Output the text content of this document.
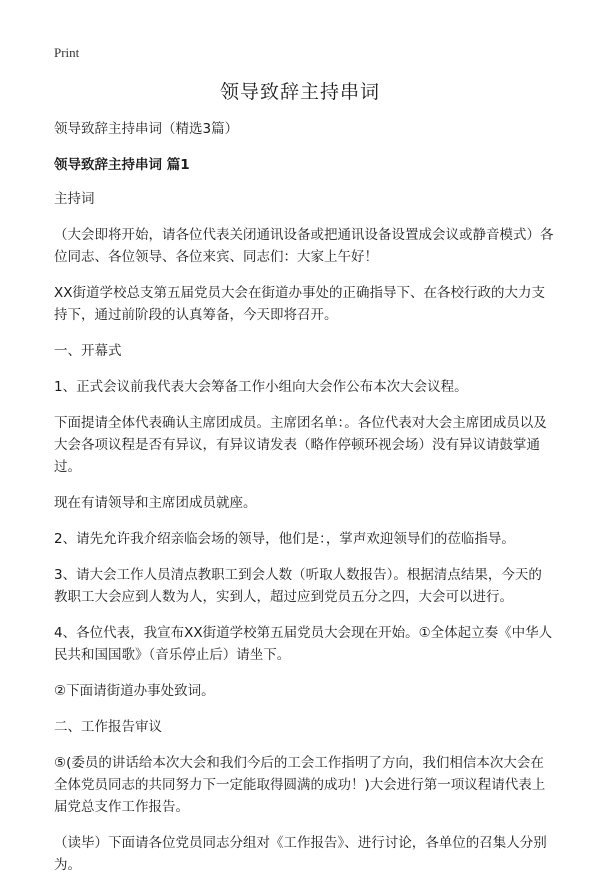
Print
领导致辞主持串词

领导致辞主持串词（精选3篇）

领导致辞主持串词 篇1

主持词

（大会即将开始，请各位代表关闭通讯设备或把通讯设备设置成会议或静音模式）各位同志、各位领导、各位来宾、同志们：大家上午好！

XX街道学校总支第五届党员大会在街道办事处的正确指导下、在各校行政的大力支持下，通过前阶段的认真筹备，今天即将召开。

一、开幕式

1、正式会议前我代表大会筹备工作小组向大会作公布本次大会议程。

下面提请全体代表确认主席团成员。主席团名单：。各位代表对大会主席团成员以及大会各项议程是否有异议，有异议请发表（略作停顿环视会场）没有异议请鼓掌通过。

现在有请领导和主席团成员就座。

2、请先允许我介绍亲临会场的领导，他们是：，掌声欢迎领导们的莅临指导。

3、请大会工作人员清点教职工到会人数（听取人数报告）。根据清点结果，今天的教职工大会应到人数为人，实到人，超过应到党员五分之四，大会可以进行。

4、各位代表，我宣布XX街道学校第五届党员大会现在开始。①全体起立奏《中华人民共和国国歌》（音乐停止后）请坐下。

②下面请街道办事处致词。

二、工作报告审议

⑤(委员的讲话给本次大会和我们今后的工会工作指明了方向，我们相信本次大会在全体党员同志的共同努力下一定能取得圆满的成功！)大会进行第一项议程请代表上届党总支作工作报告。

（读毕）下面请各位党员同志分组对《工作报告》、进行讨论，各单位的召集人分别为。
